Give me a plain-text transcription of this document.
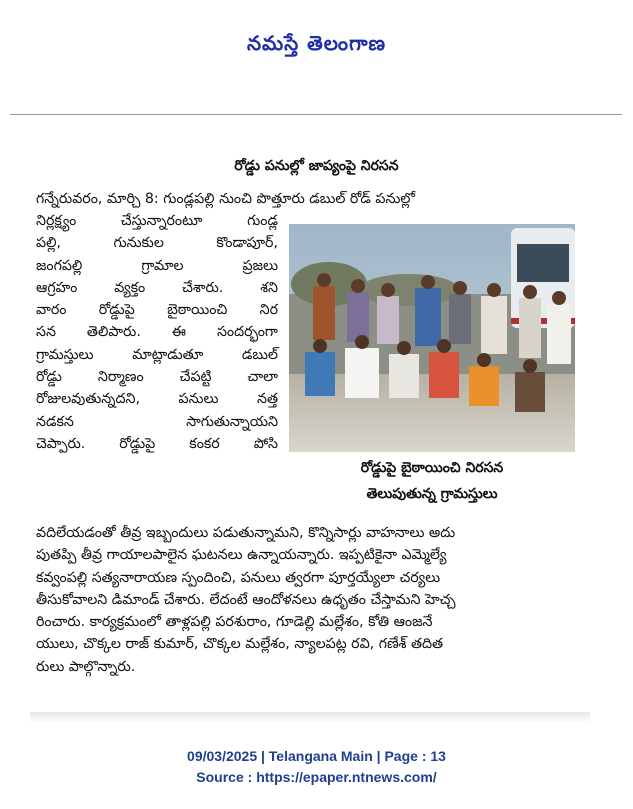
నమస్తే తెలంగాణ
రోడ్డు పనుల్లో జాప్యంపై నిరసన
గన్నేరువరం, మార్చి 8: గుండ్లపల్లి నుంచి పొత్తూరు డబుల్ రోడ్ పనుల్లో
నిర్లక్ష్యం చేస్తున్నారంటూ గుండ్ల
పల్లి, గునుకుల కొండాపూర్,
జంగపల్లి గ్రామాల ప్రజలు
ఆగ్రహం వ్యక్తం చేశారు. శని
వారం రోడ్డుపై బైఠాయించి నిర
సన తెలిపారు. ఈ సందర్భంగా
గ్రామస్తులు మాట్లాడుతూ డబుల్
రోడ్డు నిర్మాణం చేపట్టి చాలా
రోజులవుతున్నదని, పనులు నత్త
నడకన సాగుతున్నాయని
చెప్పారు. రోడ్డుపై కంకర పోసి
రోడ్డుపై బైఠాయించి నిరసన
తెలుపుతున్న గ్రామస్తులు
వదిలేయడంతో తీవ్ర ఇబ్బందులు పడుతున్నామని, కొన్నిసార్లు వాహనాలు అదు
పుతప్పి తీవ్ర గాయాలపాలైన ఘటనలు ఉన్నాయన్నారు. ఇప్పటికైనా ఎమ్మెల్యే
కవ్వంపల్లి సత్యనారాయణ స్పందించి, పనులు త్వరగా పూర్తయ్యేలా చర్యలు
తీసుకోవాలని డిమాండ్ చేశారు. లేదంటే ఆందోళనలు ఉధృతం చేస్తామని హెచ్చ
రించారు. కార్యక్రమంలో తాళ్లపల్లి పరశురాం, గూడెల్లి మల్లేశం, కోతి ఆంజనే
యులు, చొక్కల రాజ్ కుమార్, చొక్కల మల్లేశం, న్యాలపట్ల రవి, గణేశ్ తదిత
రులు పాల్గొన్నారు.
09/03/2025 | Telangana Main | Page : 13
Source : https://epaper.ntnews.com/
